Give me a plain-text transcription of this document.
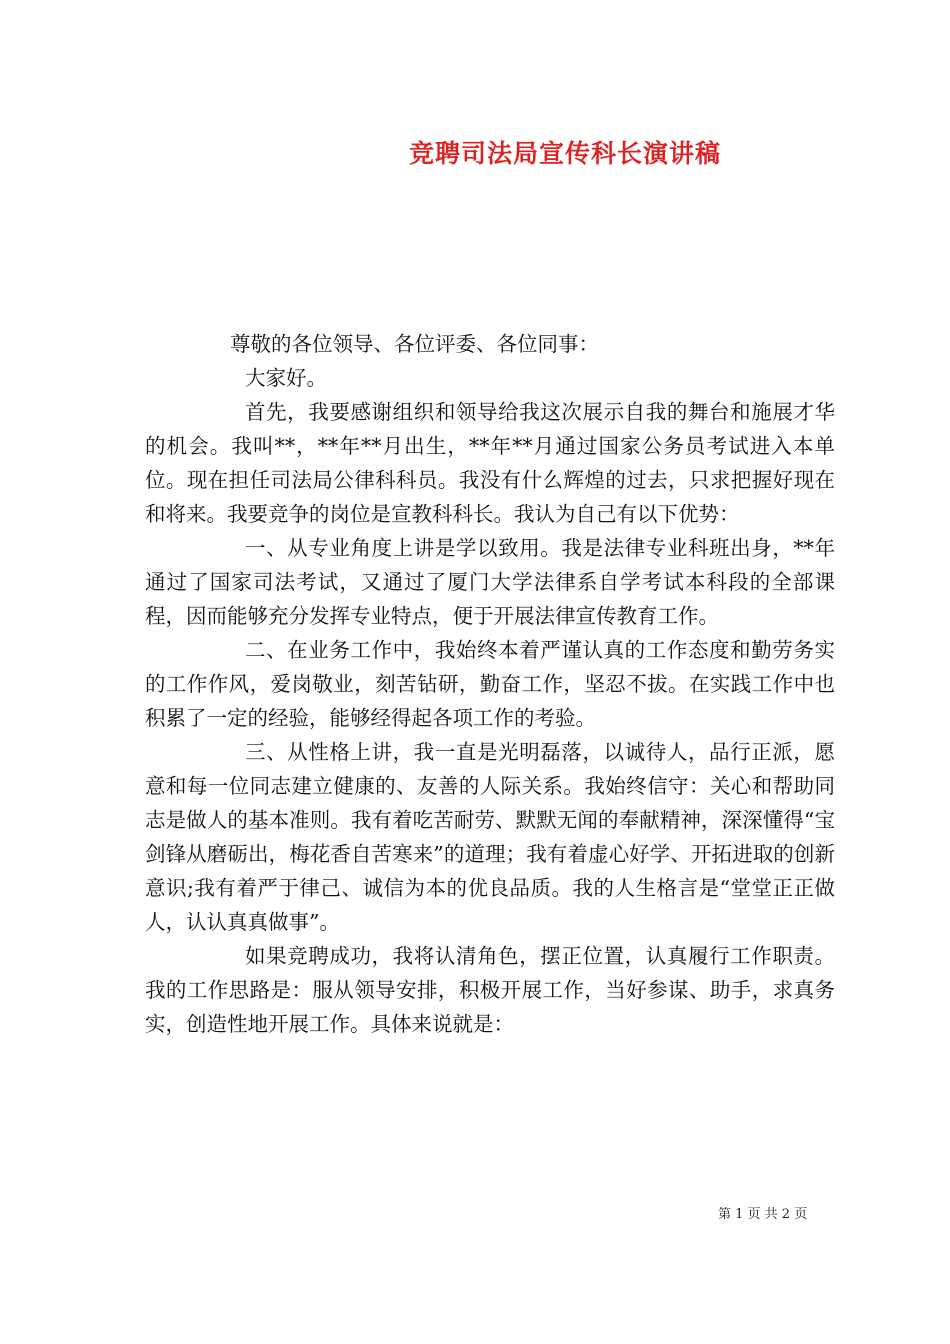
竞聘司法局宣传科长演讲稿

尊敬的各位领导、各位评委、各位同事：

大家好。

首先，我要感谢组织和领导给我这次展示自我的舞台和施展才华的机会。我叫**，**年**月出生，**年**月通过国家公务员考试进入本单位。现在担任司法局公律科科员。我没有什么辉煌的过去，只求把握好现在和将来。我要竞争的岗位是宣教科科长。我认为自己有以下优势：

一、从专业角度上讲是学以致用。我是法律专业科班出身，**年通过了国家司法考试，又通过了厦门大学法律系自学考试本科段的全部课程，因而能够充分发挥专业特点，便于开展法律宣传教育工作。

二、在业务工作中，我始终本着严谨认真的工作态度和勤劳务实的工作作风，爱岗敬业，刻苦钻研，勤奋工作，坚忍不拔。在实践工作中也积累了一定的经验，能够经得起各项工作的考验。

三、从性格上讲，我一直是光明磊落，以诚待人，品行正派，愿意和每一位同志建立健康的、友善的人际关系。我始终信守：关心和帮助同志是做人的基本准则。我有着吃苦耐劳、默默无闻的奉献精神，深深懂得“宝剑锋从磨砺出，梅花香自苦寒来”的道理；我有着虚心好学、开拓进取的创新意识;我有着严于律己、诚信为本的优良品质。我的人生格言是“堂堂正正做人，认认真真做事”。

如果竞聘成功，我将认清角色，摆正位置，认真履行工作职责。我的工作思路是：服从领导安排，积极开展工作，当好参谋、助手，求真务实，创造性地开展工作。具体来说就是：

第 1 页 共 2 页
